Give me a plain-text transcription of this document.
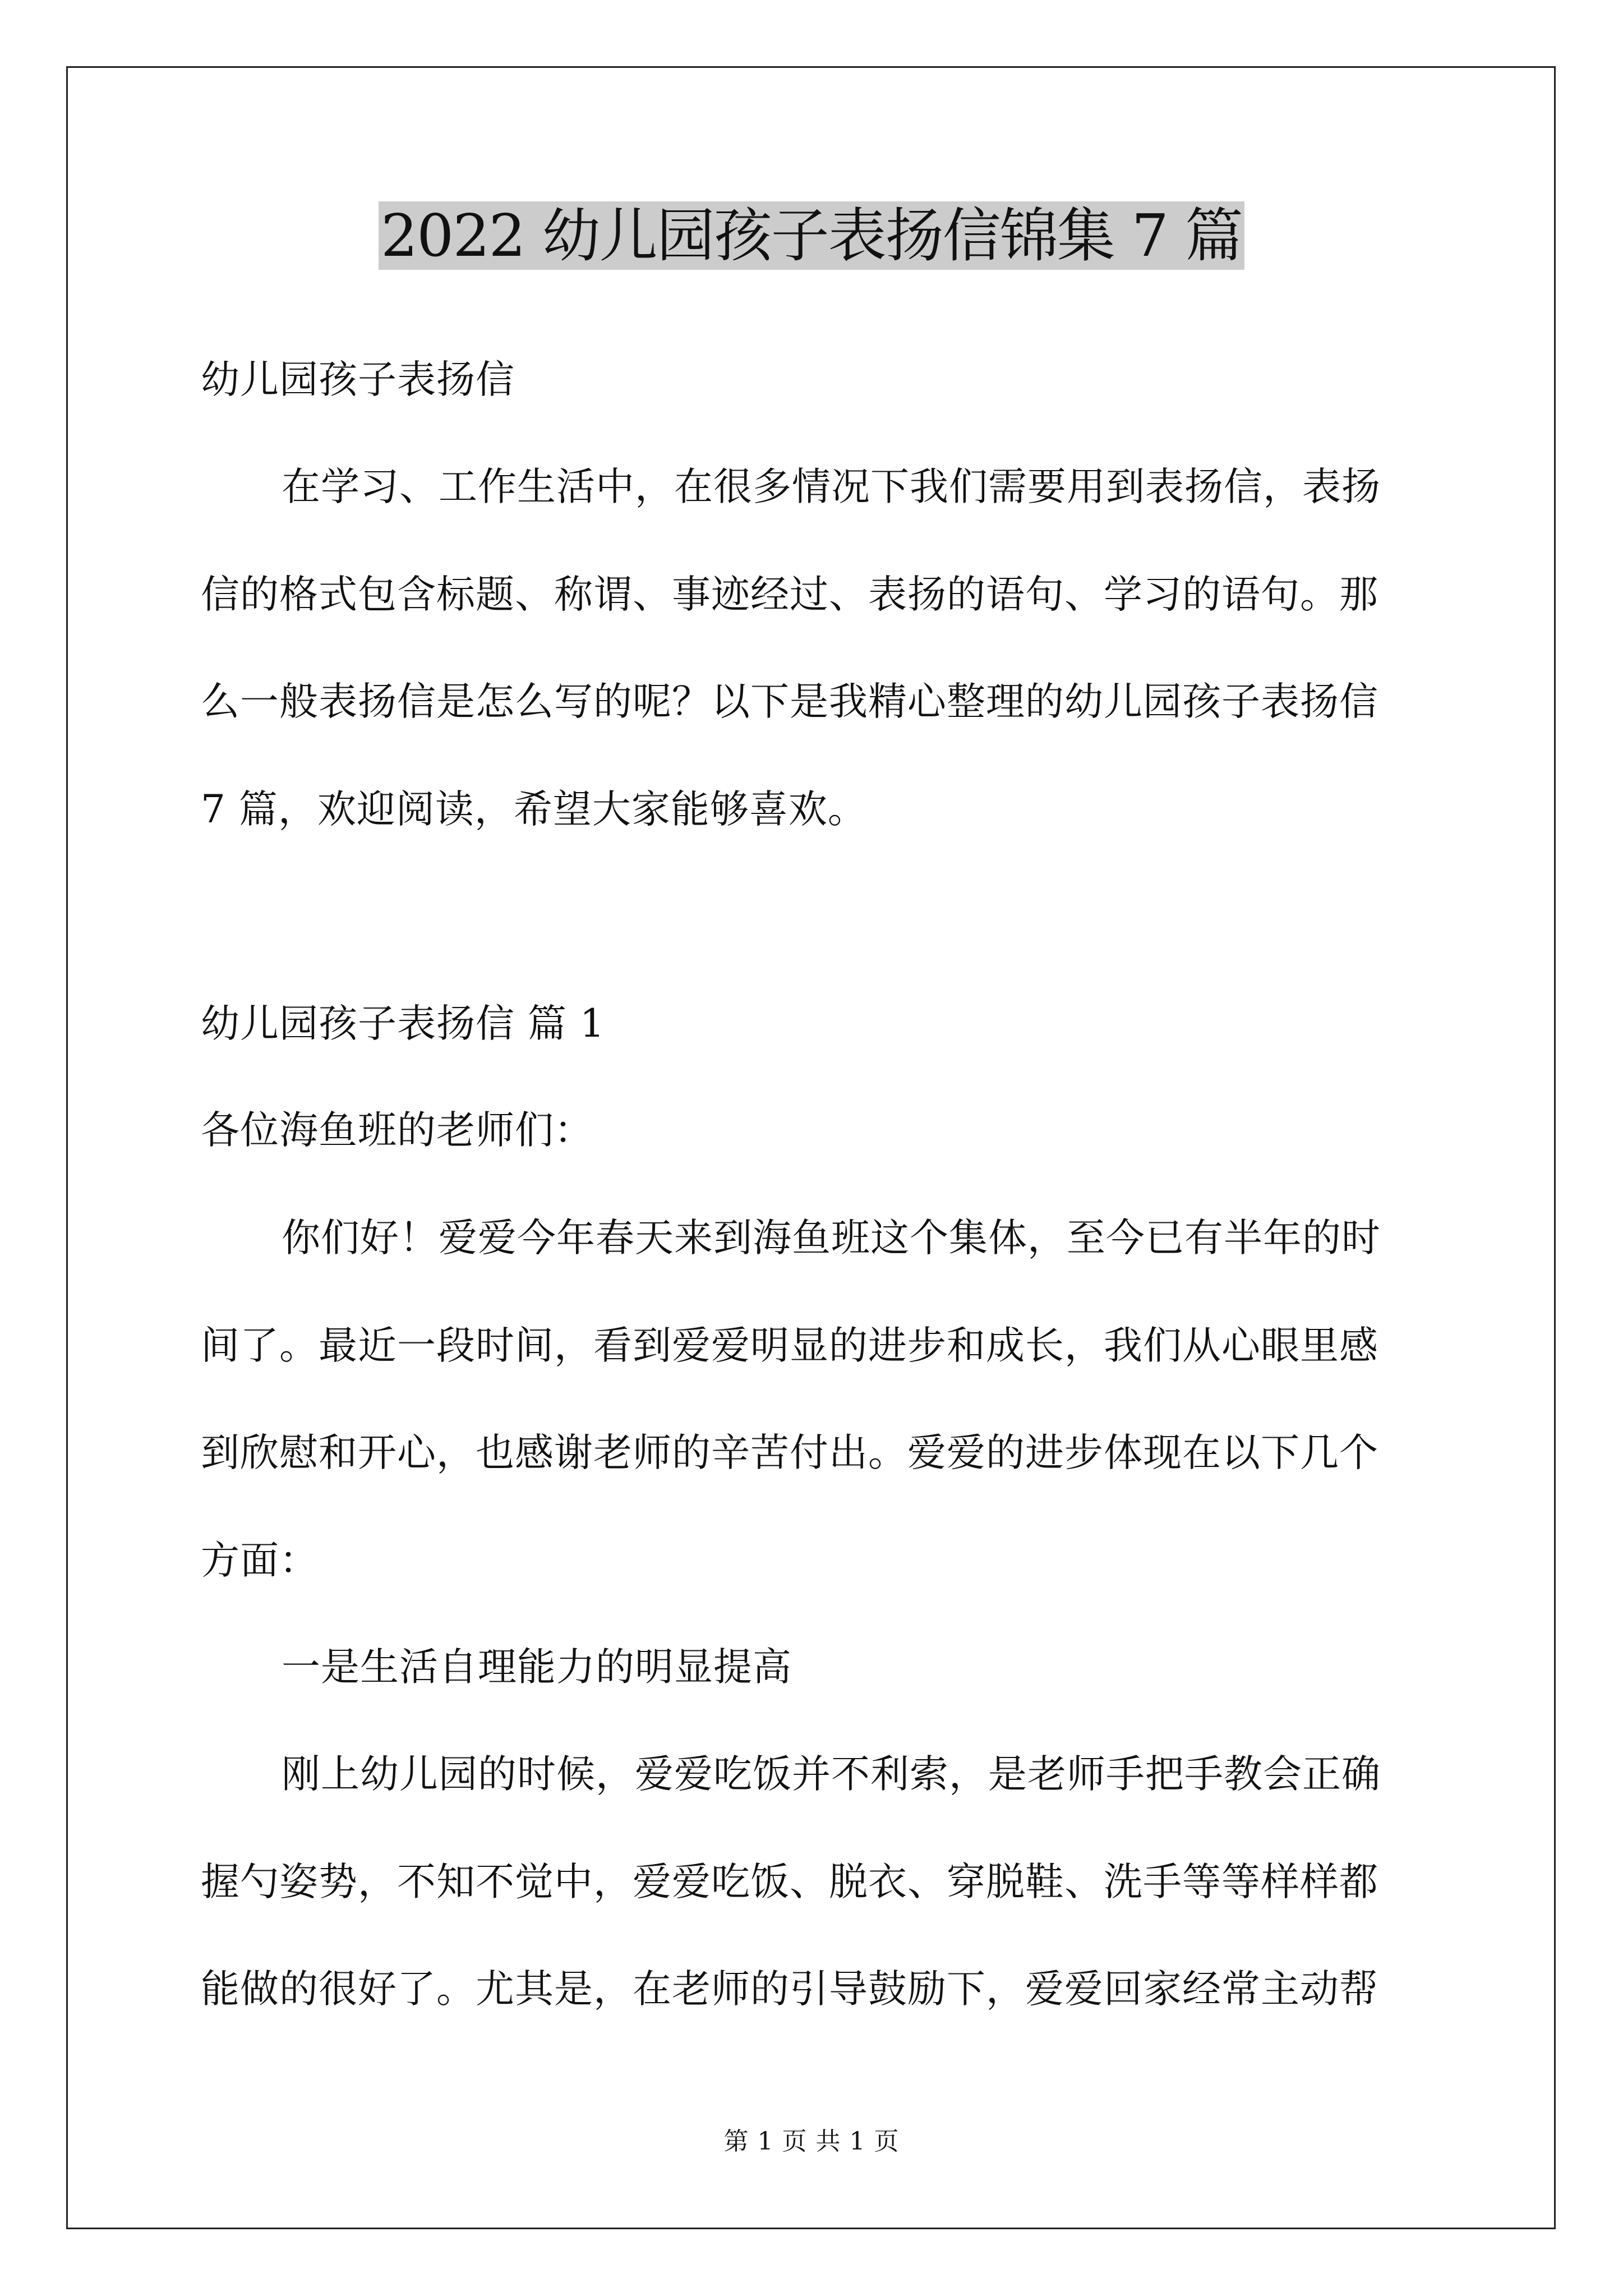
2022 幼儿园孩子表扬信锦集 7 篇
幼儿园孩子表扬信
在学习、工作生活中，在很多情况下我们需要用到表扬信，表扬
信的格式包含标题、称谓、事迹经过、表扬的语句、学习的语句。那
么一般表扬信是怎么写的呢？以下是我精心整理的幼儿园孩子表扬信
7 篇，欢迎阅读，希望大家能够喜欢。
幼儿园孩子表扬信 篇 1
各位海鱼班的老师们：
你们好！爱爱今年春天来到海鱼班这个集体，至今已有半年的时
间了。最近一段时间，看到爱爱明显的进步和成长，我们从心眼里感
到欣慰和开心，也感谢老师的辛苦付出。爱爱的进步体现在以下几个
方面：
一是生活自理能力的明显提高
刚上幼儿园的时候，爱爱吃饭并不利索，是老师手把手教会正确
握勺姿势，不知不觉中，爱爱吃饭、脱衣、穿脱鞋、洗手等等样样都
能做的很好了。尤其是，在老师的引导鼓励下，爱爱回家经常主动帮
第 1 页 共 1 页
